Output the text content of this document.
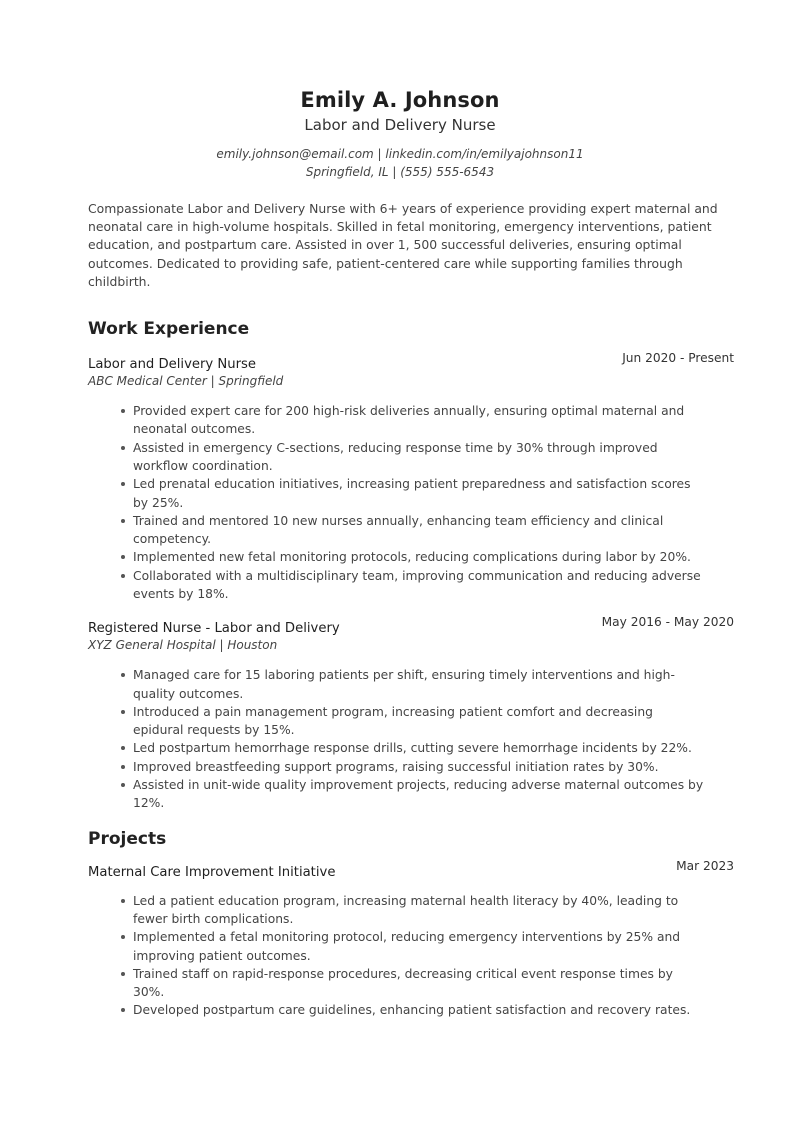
Emily A. Johnson
Labor and Delivery Nurse
emily.johnson@email.com | linkedin.com/in/emilyajohnson11
Springfield, IL | (555) 555-6543

Compassionate Labor and Delivery Nurse with 6+ years of experience providing expert maternal and neonatal care in high-volume hospitals. Skilled in fetal monitoring, emergency interventions, patient education, and postpartum care. Assisted in over 1, 500 successful deliveries, ensuring optimal outcomes. Dedicated to providing safe, patient-centered care while supporting families through childbirth.

Work Experience
Labor and Delivery Nurse	Jun 2020 - Present
ABC Medical Center | Springfield
Provided expert care for 200 high-risk deliveries annually, ensuring optimal maternal and neonatal outcomes.
Assisted in emergency C-sections, reducing response time by 30% through improved workflow coordination.
Led prenatal education initiatives, increasing patient preparedness and satisfaction scores by 25%.
Trained and mentored 10 new nurses annually, enhancing team efficiency and clinical competency.
Implemented new fetal monitoring protocols, reducing complications during labor by 20%.
Collaborated with a multidisciplinary team, improving communication and reducing adverse events by 18%.
Registered Nurse - Labor and Delivery	May 2016 - May 2020
XYZ General Hospital | Houston
Managed care for 15 laboring patients per shift, ensuring timely interventions and high-quality outcomes.
Introduced a pain management program, increasing patient comfort and decreasing epidural requests by 15%.
Led postpartum hemorrhage response drills, cutting severe hemorrhage incidents by 22%.
Improved breastfeeding support programs, raising successful initiation rates by 30%.
Assisted in unit-wide quality improvement projects, reducing adverse maternal outcomes by 12%.
Projects
Maternal Care Improvement Initiative	Mar 2023
Led a patient education program, increasing maternal health literacy by 40%, leading to fewer birth complications.
Implemented a fetal monitoring protocol, reducing emergency interventions by 25% and improving patient outcomes.
Trained staff on rapid-response procedures, decreasing critical event response times by 30%.
Developed postpartum care guidelines, enhancing patient satisfaction and recovery rates.
